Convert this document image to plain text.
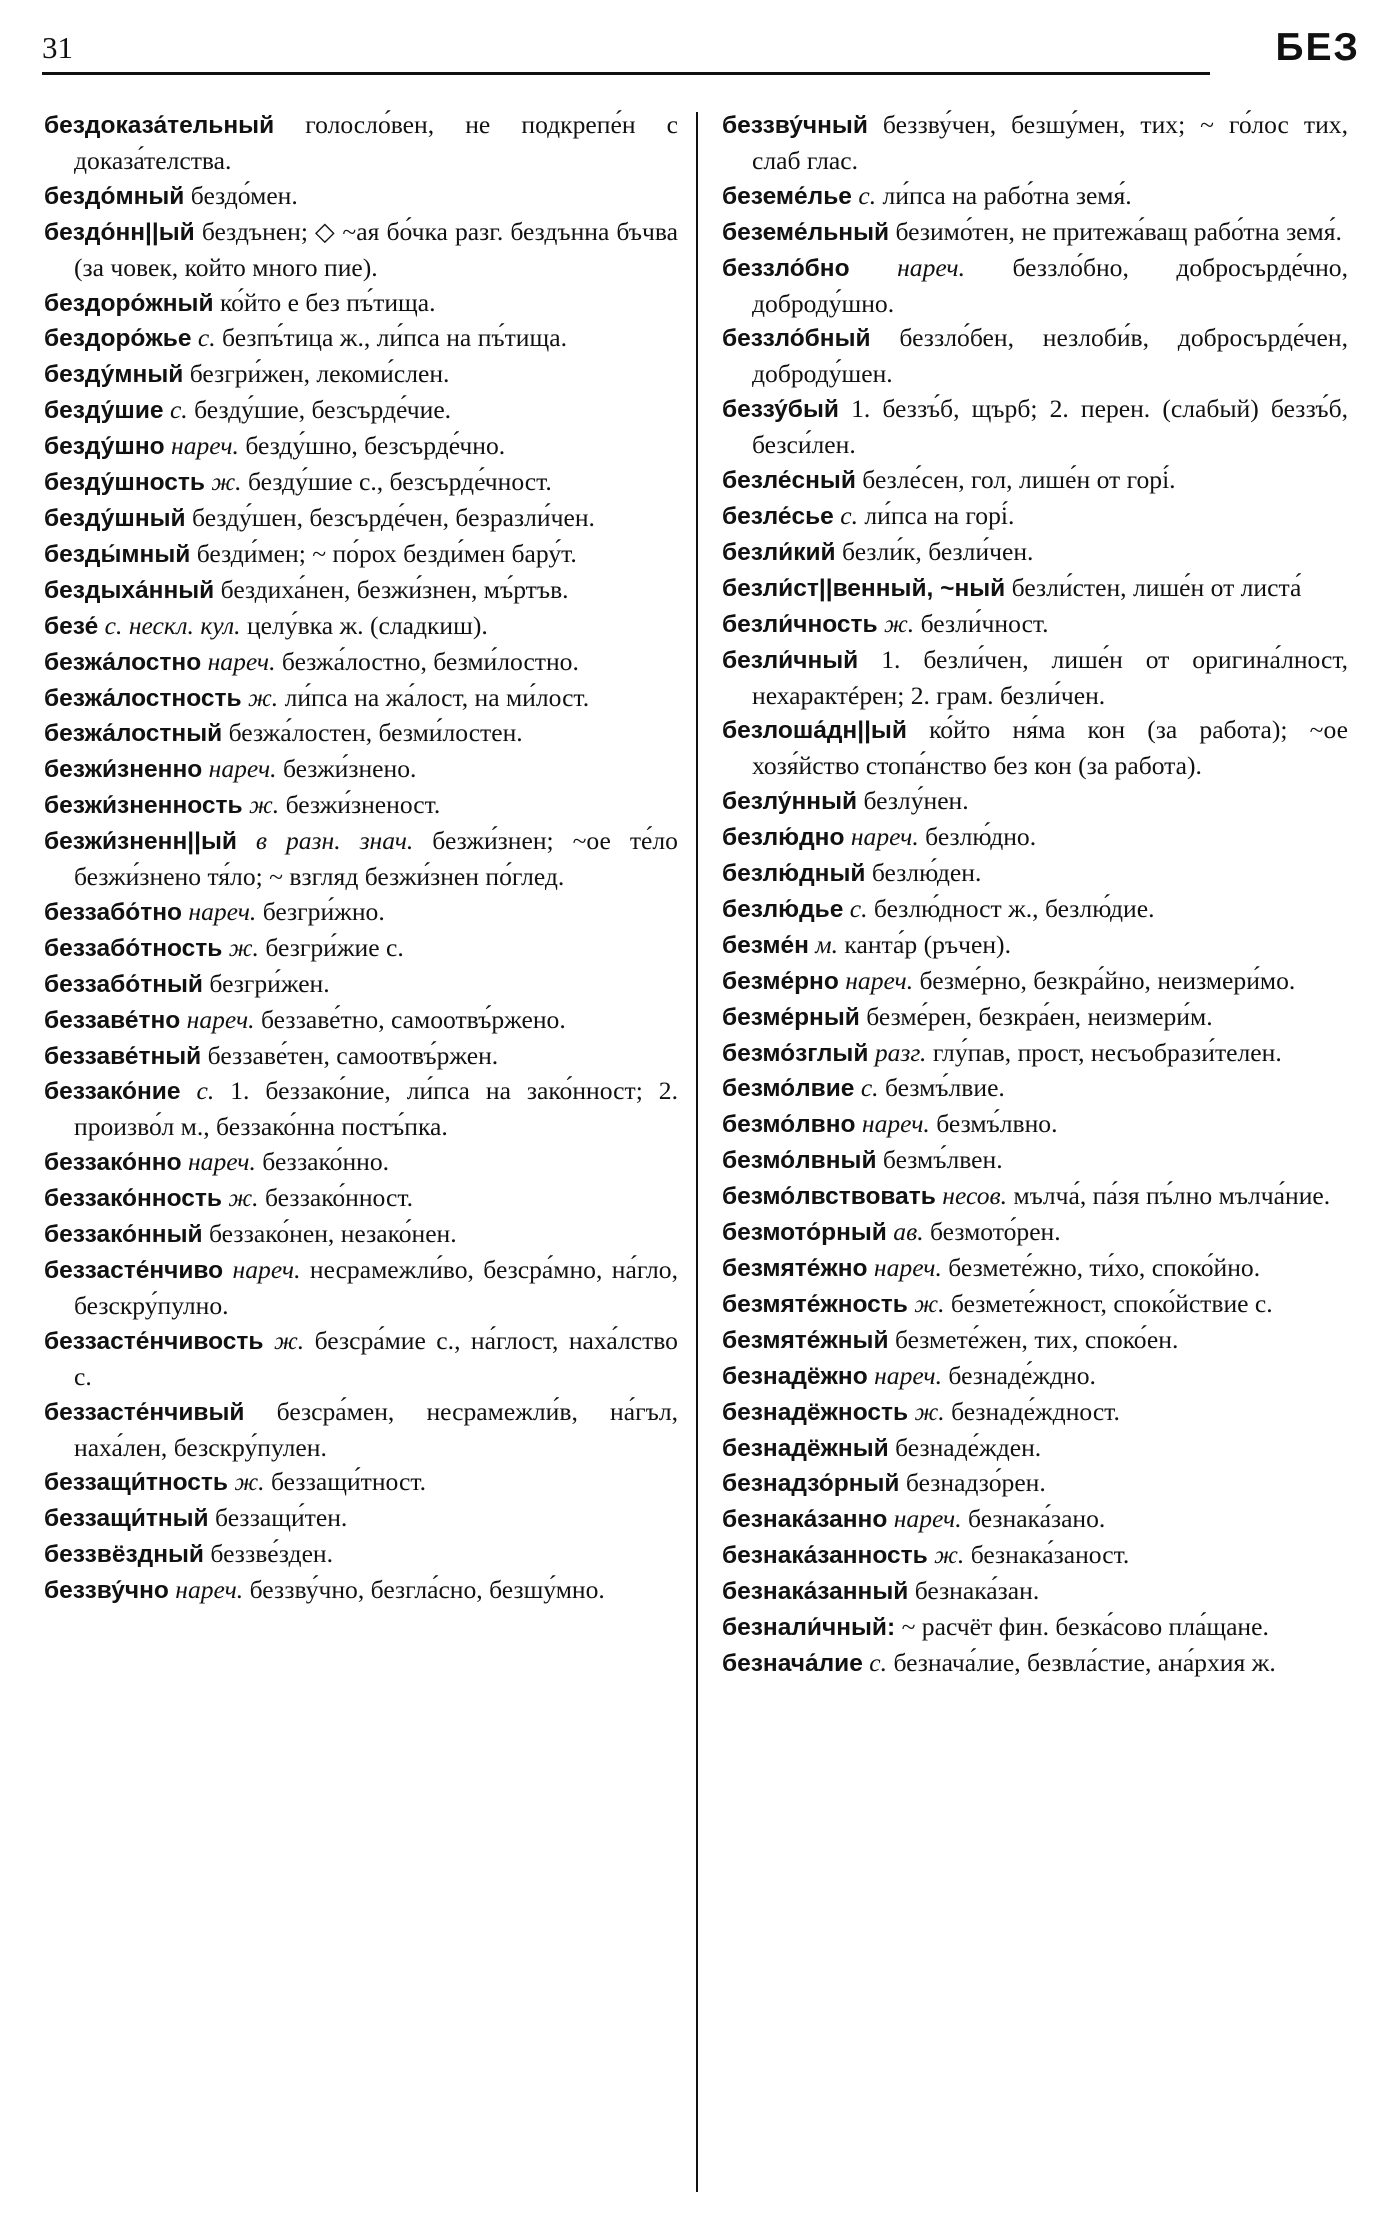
31	БЕЗ

бездоказа́тельный голосло́вен, не подкрепе́н с доказа́телства.

бездо́мный бездо́мен.

бездо́нн||ый бездънен; ◇ ~ая бо́чка разг. бездънна бъчва (за човек, който много пие).

бездоро́жный ко́йто е без пъ́тища.

бездоро́жье с. безпъ́тица ж., ли́пса на пъ́тища.

безду́мный безгри́жен, лекоми́слен.

безду́шие с. безду́шие, безсърде́чие.

безду́шно нареч. безду́шно, безсърде́чно.

безду́шность ж. безду́шие с., безсърде́чност.

безду́шный безду́шен, безсърде́чен, безразли́чен.

безды́мный безди́мен; ~ по́рох безди́мен бару́т.

бездыха́нный бездиха́нен, безжи́знен, мъ́ртъв.

безе́ с. нескл. кул. целу́вка ж. (сладкиш).

безжа́лостно нареч. безжа́лостно, безми́лостно.

безжа́лостность ж. ли́пса на жа́лост, на ми́лост.

безжа́лостный безжа́лостен, безми́лостен.

безжи́зненно нареч. безжи́знено.

безжи́зненность ж. безжи́зненост.

безжи́зненн||ый в разн. знач. безжи́знен; ~ое те́ло безжи́знено тя́ло; ~ взгляд безжи́знен по́глед.

беззабо́тно нареч. безгри́жно.

беззабо́тность ж. безгри́жие с.

беззабо́тный безгри́жен.

беззаве́тно нареч. беззаве́тно, самоотвъ́ржено.

беззаве́тный беззаве́тен, самоотвъ́ржен.

беззако́ние с. 1. беззако́ние, ли́пса на зако́нност; 2. произво́л м., беззако́нна постъ́пка.

беззако́нно нареч. беззако́нно.

беззако́нность ж. беззако́нност.

беззако́нный беззако́нен, незако́нен.

беззасте́нчиво нареч. несрамежли́во, безсра́мно, на́гло, безскру́пулно.

беззасте́нчивость ж. безсра́мие с., на́глост, наха́лство с.

беззасте́нчивый безсра́мен, несрамежли́в, на́гъл, наха́лен, безскру́пулен.

беззащи́тность ж. беззащи́тност.

беззащи́тный беззащи́тен.

беззвёздный беззве́зден.

беззву́чно нареч. беззву́чно, безгла́сно, безшу́мно.

беззву́чный беззву́чен, безшу́мен, тих; ~ го́лос тих, слаб глас.

беземе́лье с. ли́пса на рабо́тна земя́.

беземе́льный безимо́тен, не притежа́ващ рабо́тна земя́.

беззло́бно нареч. беззло́бно, добросърде́чно, доброду́шно.

беззло́бный беззло́бен, незлоби́в, добросърде́чен, доброду́шен.

беззу́бый 1. беззъ́б, щърб; 2. перен. (слабый) беззъ́б, безси́лен.

безле́сный безле́сен, гол, лише́н от горі́.

безле́сье с. ли́пса на горі́.

безли́кий безли́к, безли́чен.

безли́ст||венный, ~ный безли́стен, лише́н от листа́

безли́чность ж. безли́чност.

безли́чный 1. безли́чен, лише́н от оригина́лност, нехарактéрен; 2. грам. безли́чен.

безлоша́дн||ый ко́йто ня́ма кон (за работа); ~ое хозя́йство стопа́нство без кон (за работа).

безлу́нный безлу́нен.

безлю́дно нареч. безлю́дно.

безлю́дный безлю́ден.

безлю́дье с. безлю́дност ж., безлю́дие.

безме́н м. канта́р (ръчен).

безме́рно нареч. безме́рно, безкра́йно, неизмери́мо.

безме́рный безме́рен, безкра́ен, неизмери́м.

безмо́зглый разг. глу́пав, прост, несъобрази́телен.

безмо́лвие с. безмъ́лвие.

безмо́лвно нареч. безмъ́лвно.

безмо́лвный безмъ́лвен.

безмо́лвствовать несов. мълча́, па́зя пъ́лно мълча́ние.

безмото́рный ав. безмото́рен.

безмяте́жно нареч. безмете́жно, ти́хо, споко́йно.

безмяте́жность ж. безмете́жност, споко́йствие с.

безмяте́жный безмете́жен, тих, споко́ен.

безнадёжно нареч. безнаде́ждно.

безнадёжность ж. безнаде́ждност.

безнадёжный безнаде́жден.

безнадзо́рный безнадзо́рен.

безнака́занно нареч. безнака́зано.

безнака́занность ж. безнака́заност.

безнака́занный безнака́зан.

безнали́чный: ~ расчёт фин. безка́сово пла́щане.

безнача́лие с. безнача́лие, безвла́стие, ана́рхия ж.
